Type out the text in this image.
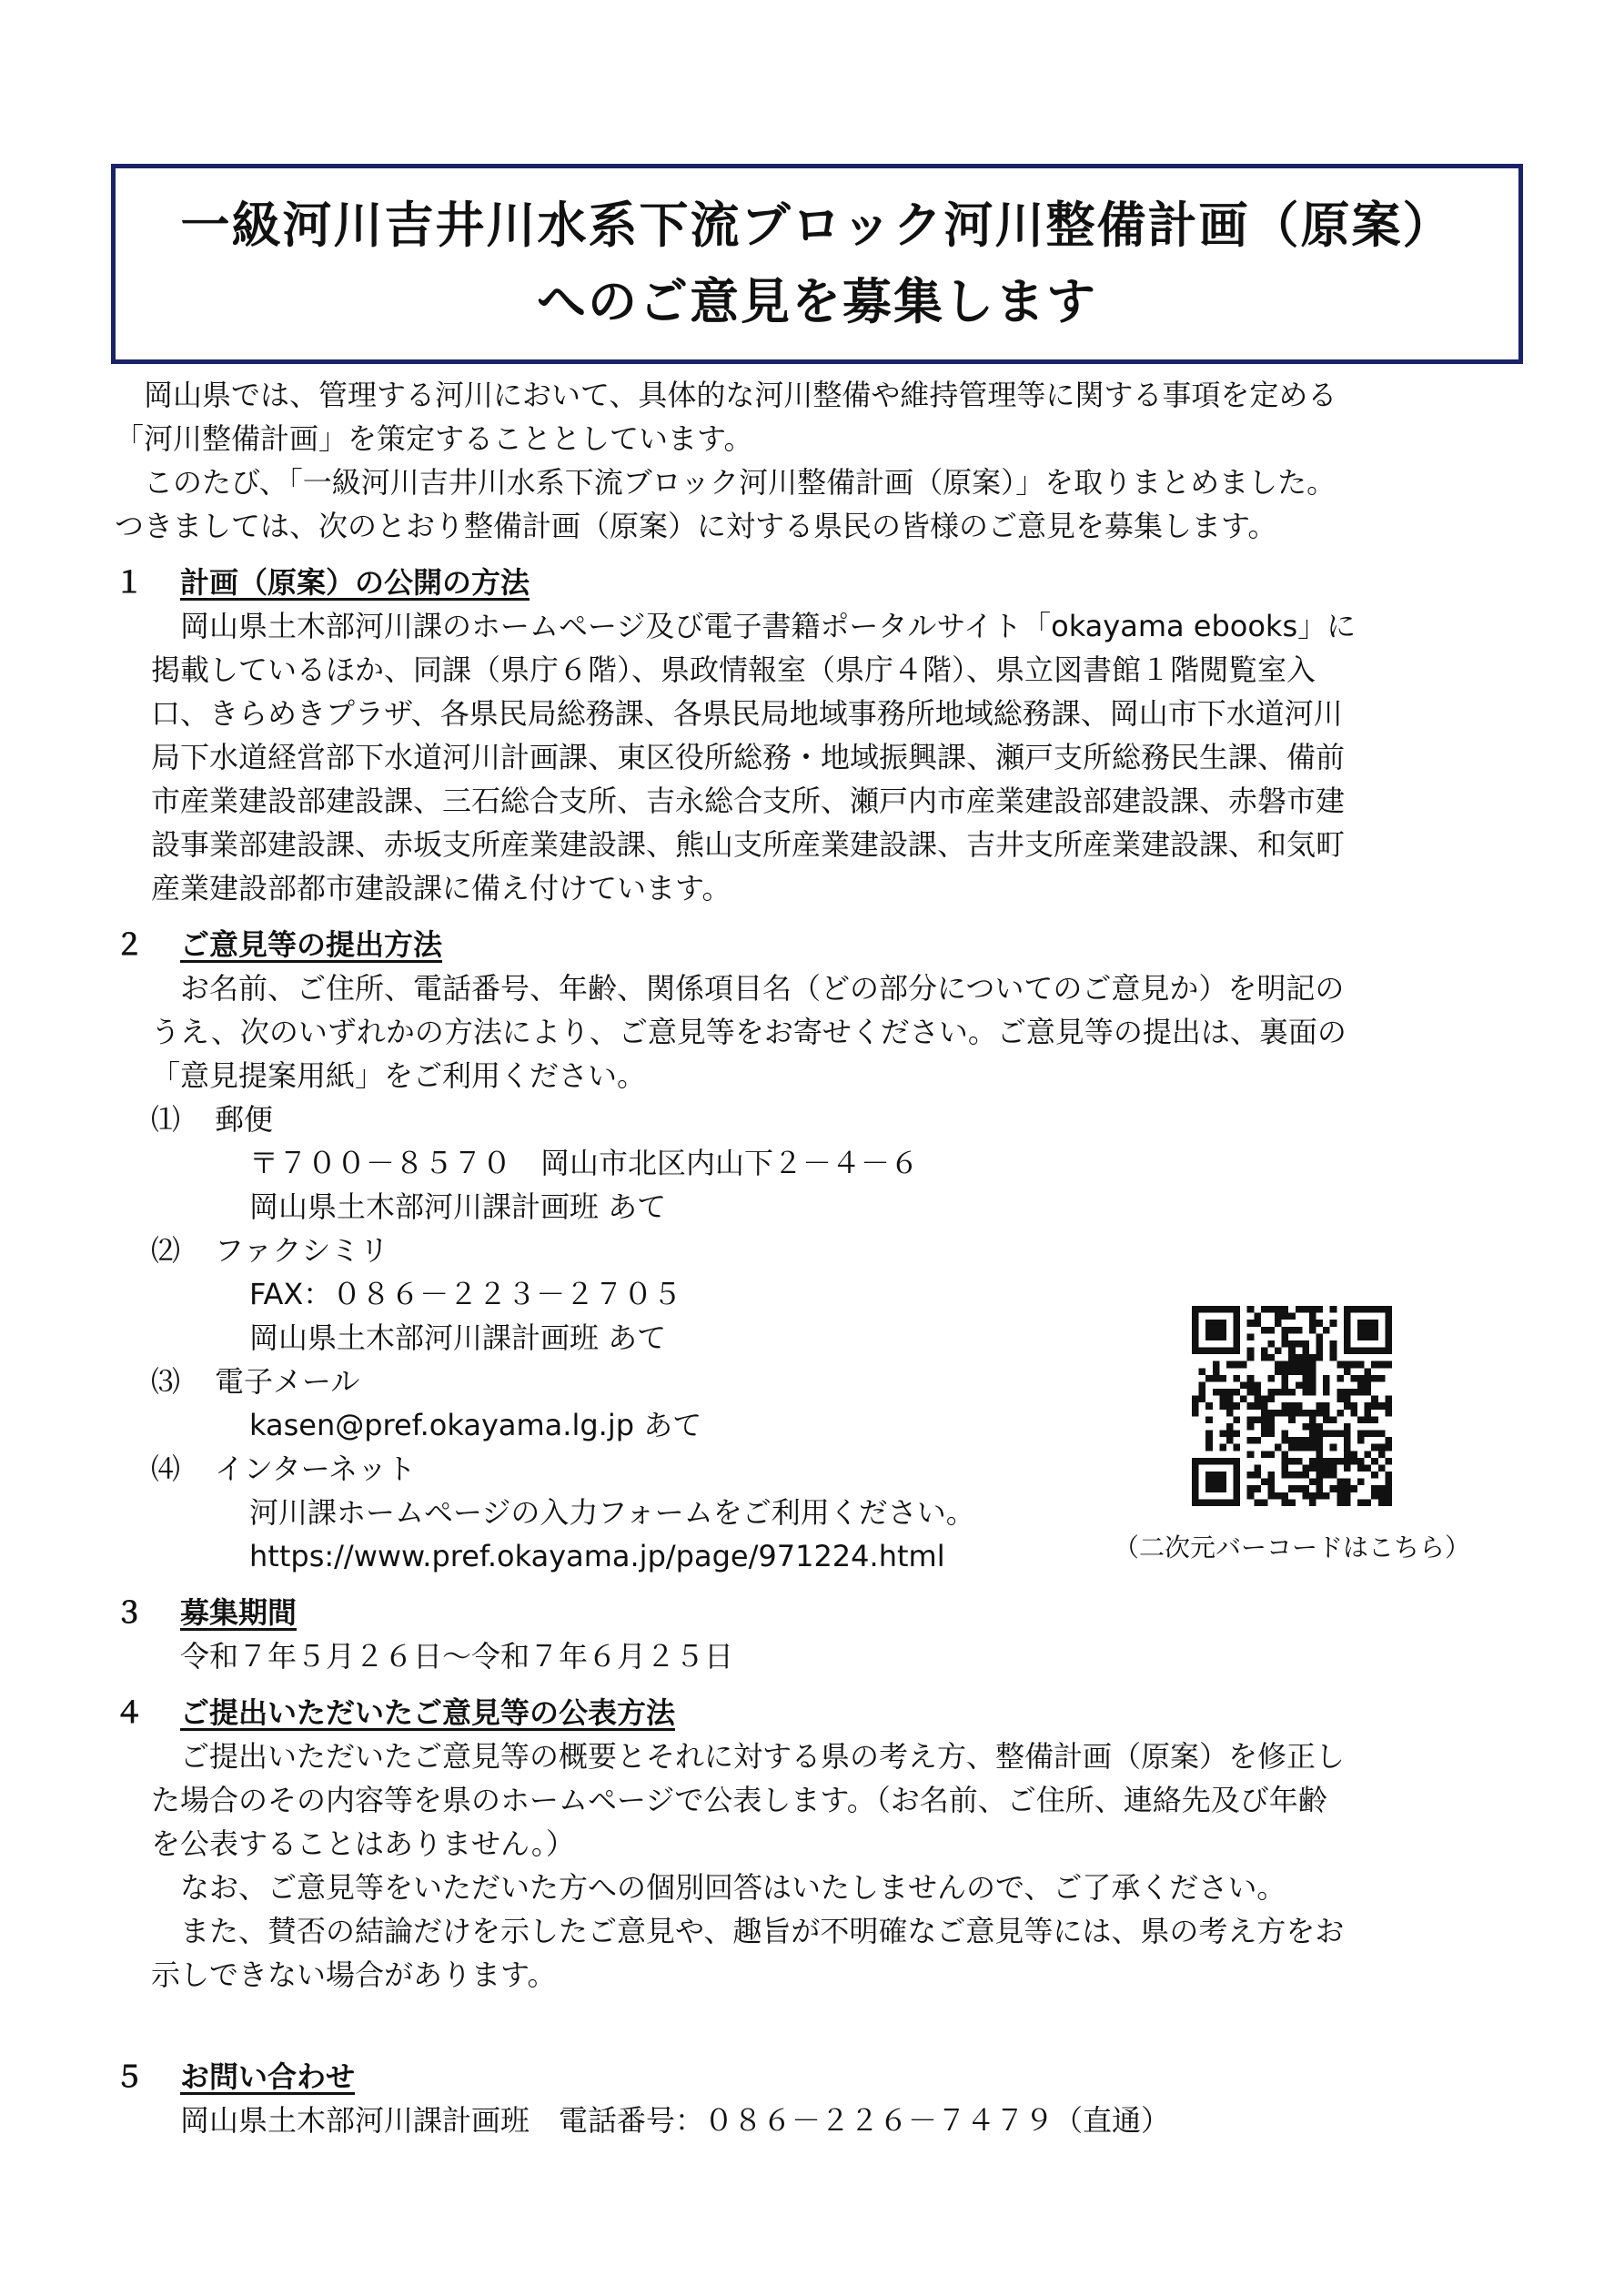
一級河川吉井川水系下流ブロック河川整備計画（原案）
へのご意見を募集します

岡山県では、管理する河川において、具体的な河川整備や維持管理等に関する事項を定める

「河川整備計画」を策定することとしています。

このたび、「一級河川吉井川水系下流ブロック河川整備計画（原案）」を取りまとめました。

つきましては、次のとおり整備計画（原案）に対する県民の皆様のご意見を募集します。

１ 計画（原案）の公開の方法

岡山県土木部河川課のホームページ及び電子書籍ポータルサイト「okayama ebooks」に

掲載しているほか、同課（県庁６階）、県政情報室（県庁４階）、県立図書館１階閲覧室入

口、きらめきプラザ、各県民局総務課、各県民局地域事務所地域総務課、岡山市下水道河川

局下水道経営部下水道河川計画課、東区役所総務・地域振興課、瀬戸支所総務民生課、備前

市産業建設部建設課、三石総合支所、吉永総合支所、瀬戸内市産業建設部建設課、赤磐市建

設事業部建設課、赤坂支所産業建設課、熊山支所産業建設課、吉井支所産業建設課、和気町

産業建設部都市建設課に備え付けています。

２ ご意見等の提出方法

お名前、ご住所、電話番号、年齢、関係項目名（どの部分についてのご意見か）を明記の

うえ、次のいずれかの方法により、ご意見等をお寄せください。ご意見等の提出は、裏面の

「意見提案用紙」をご利用ください。

⑴ 郵便

〒７００－８５７０　岡山市北区内山下２－４－６

岡山県土木部河川課計画班 あて

⑵ ファクシミリ

FAX：０８６－２２３－２７０５

岡山県土木部河川課計画班 あて

⑶ 電子メール

kasen@pref.okayama.lg.jp あて

⑷ インターネット

河川課ホームページの入力フォームをご利用ください。

https://www.pref.okayama.jp/page/971224.html

３ 募集期間

令和７年５月２６日～令和７年６月２５日

４ ご提出いただいたご意見等の公表方法

ご提出いただいたご意見等の概要とそれに対する県の考え方、整備計画（原案）を修正し

た場合のその内容等を県のホームページで公表します。（お名前、ご住所、連絡先及び年齢

を公表することはありません。）

なお、ご意見等をいただいた方への個別回答はいたしませんので、ご了承ください。

また、賛否の結論だけを示したご意見や、趣旨が不明確なご意見等には、県の考え方をお

示しできない場合があります。

５ お問い合わせ

岡山県土木部河川課計画班　電話番号：０８６－２２６－７４７９（直通）

（二次元バーコードはこちら）
